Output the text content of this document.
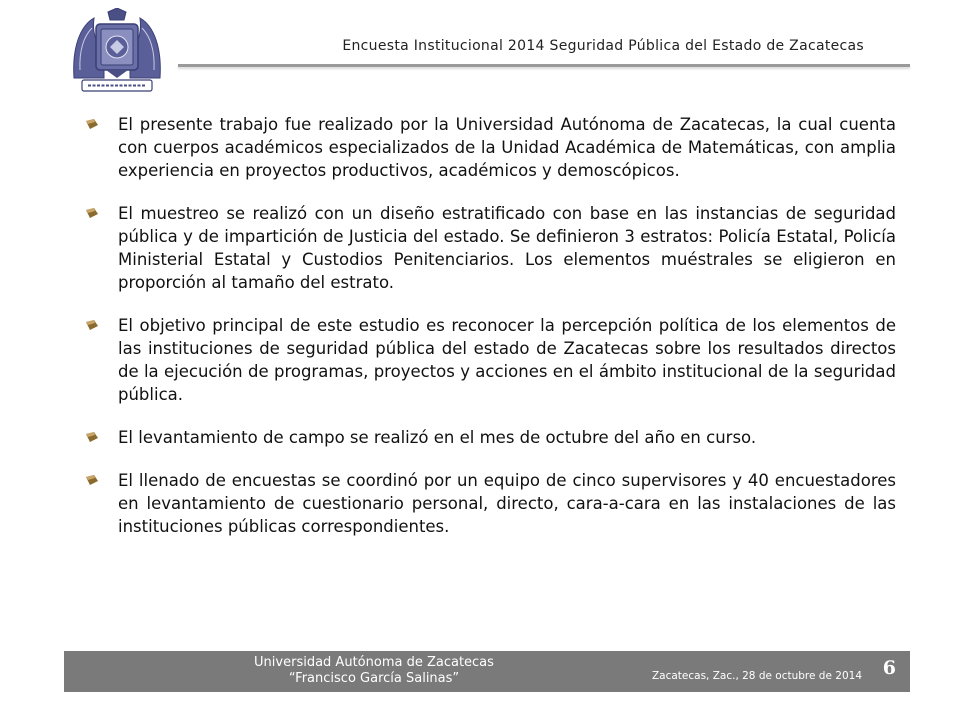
Encuesta Institucional 2014 Seguridad Pública del Estado de Zacatecas
El presente trabajo fue realizado por la Universidad Autónoma de Zacatecas, la cual cuenta con cuerpos académicos especializados de la Unidad Académica de Matemáticas, con amplia experiencia en proyectos productivos, académicos y demoscópicos.
El muestreo se realizó con un diseño estratificado con base en las instancias de seguridad pública y de impartición de Justicia del estado. Se definieron 3 estratos: Policía Estatal, Policía Ministerial Estatal y Custodios Penitenciarios. Los elementos muéstrales se eligieron en proporción al tamaño del estrato.
El objetivo principal de este estudio es reconocer la percepción política de los elementos de las instituciones de seguridad pública del estado de Zacatecas sobre los resultados directos de la ejecución de programas, proyectos y acciones en el ámbito institucional de la seguridad pública.
El levantamiento de campo se realizó en el mes de octubre del año en curso.
El llenado de encuestas se coordinó por un equipo de cinco supervisores y 40 encuestadores en levantamiento de cuestionario personal, directo, cara-a-cara en las instalaciones de las instituciones públicas correspondientes.
Universidad Autónoma de Zacatecas
“Francisco García Salinas”	Zacatecas, Zac., 28 de octubre de 2014 6
